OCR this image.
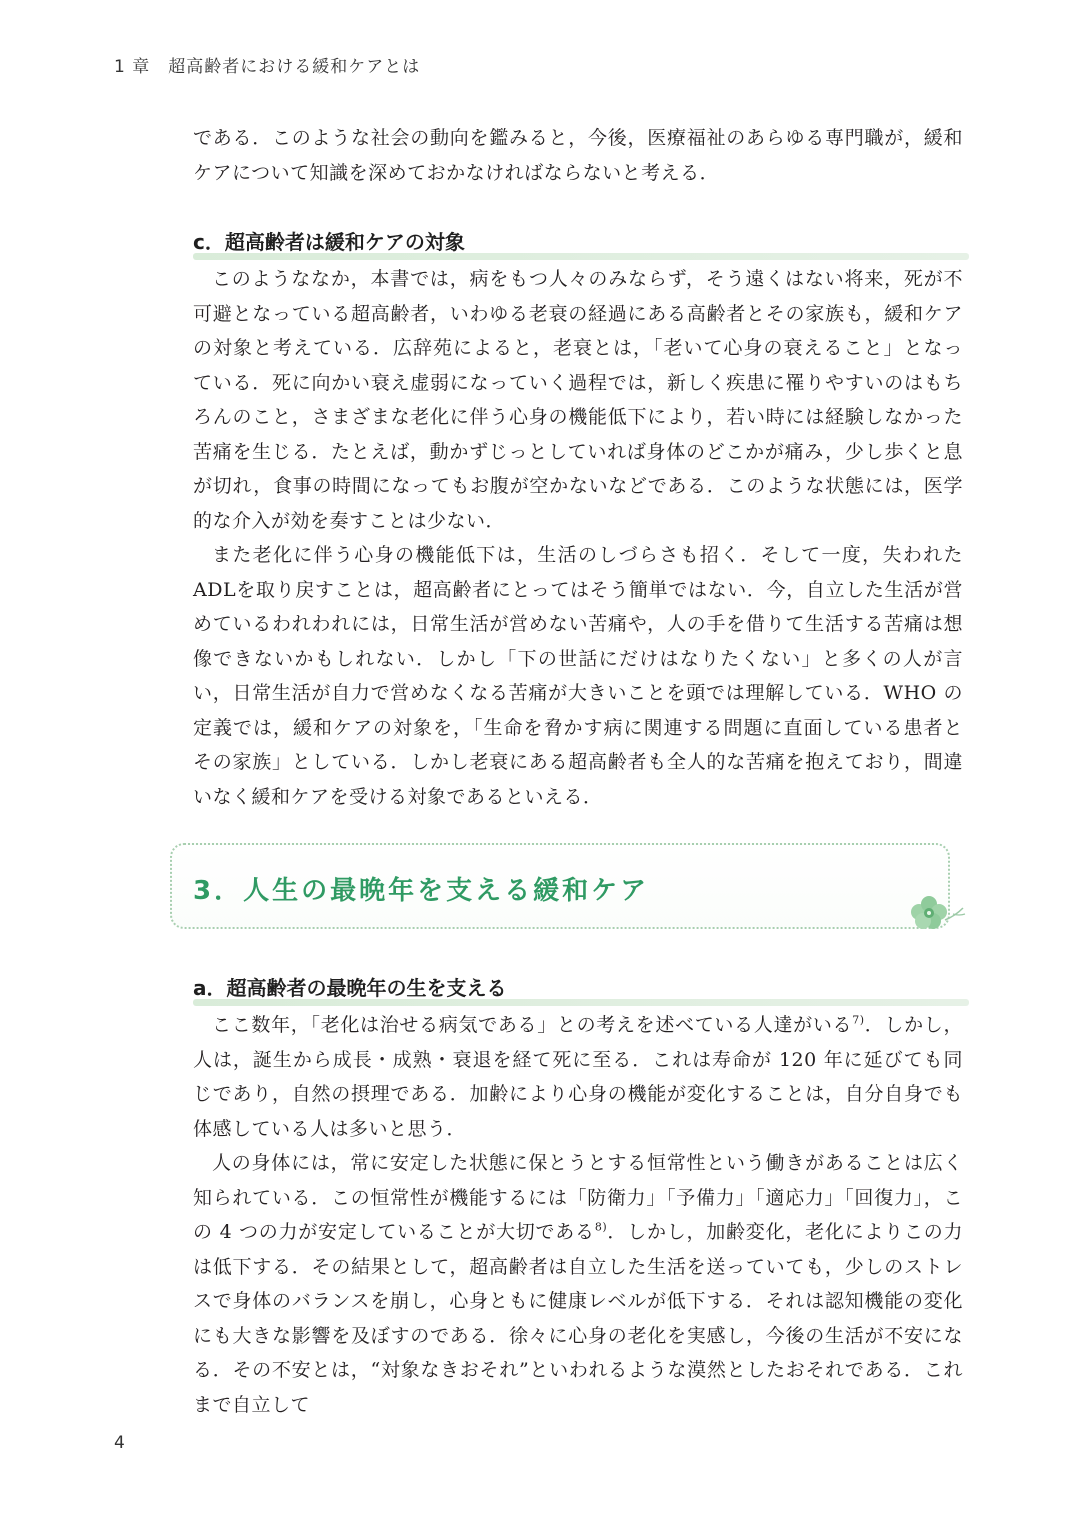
1 章　超高齢者における緩和ケアとは

である．このような社会の動向を鑑みると，今後，医療福祉のあらゆる専門職が，緩和ケアについて知識を深めておかなければならないと考える．

c．超高齢者は緩和ケアの対象

このようななか，本書では，病をもつ人々のみならず，そう遠くはない将来，死が不可避となっている超高齢者，いわゆる老衰の経過にある高齢者とその家族も，緩和ケアの対象と考えている．広辞苑によると，老衰とは，「老いて心身の衰えること」となっている．死に向かい衰え虚弱になっていく過程では，新しく疾患に罹りやすいのはもちろんのこと，さまざまな老化に伴う心身の機能低下により，若い時には経験しなかった苦痛を生じる．たとえば，動かずじっとしていれば身体のどこかが痛み，少し歩くと息が切れ，食事の時間になってもお腹が空かないなどである．このような状態には，医学的な介入が効を奏すことは少ない．

また老化に伴う心身の機能低下は，生活のしづらさも招く．そして一度，失われたADLを取り戻すことは，超高齢者にとってはそう簡単ではない．今，自立した生活が営めているわれわれには，日常生活が営めない苦痛や，人の手を借りて生活する苦痛は想像できないかもしれない．しかし「下の世話にだけはなりたくない」と多くの人が言い，日常生活が自力で営めなくなる苦痛が大きいことを頭では理解している．WHO の定義では，緩和ケアの対象を，「生命を脅かす病に関連する問題に直面している患者とその家族」としている．しかし老衰にある超高齢者も全人的な苦痛を抱えており，間違いなく緩和ケアを受ける対象であるといえる．

3．人生の最晩年を支える緩和ケア
a．超高齢者の最晩年の生を支える

ここ数年，「老化は治せる病気である」との考えを述べている人達がいる$^{7)}$．しかし，人は，誕生から成長・成熟・衰退を経て死に至る．これは寿命が 120 年に延びても同じであり，自然の摂理である．加齢により心身の機能が変化することは，自分自身でも体感している人は多いと思う．

人の身体には，常に安定した状態に保とうとする恒常性という働きがあることは広く知られている．この恒常性が機能するには「防衛力」「予備力」「適応力」「回復力」，この 4 つの力が安定していることが大切である$^{8)}$．しかし，加齢変化，老化によりこの力は低下する．その結果として，超高齢者は自立した生活を送っていても，少しのストレスで身体のバランスを崩し，心身ともに健康レベルが低下する．それは認知機能の変化にも大きな影響を及ぼすのである．徐々に心身の老化を実感し，今後の生活が不安になる．その不安とは，“対象なきおそれ”といわれるような漠然としたおそれである．これまで自立して

4
